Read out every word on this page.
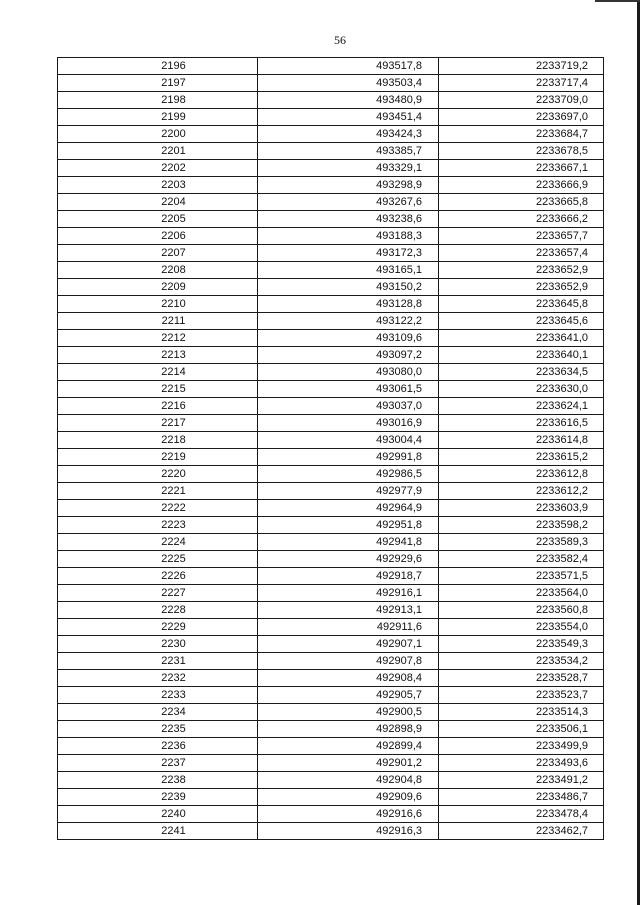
56
2196	493517,8	2233719,2
2197	493503,4	2233717,4
2198	493480,9	2233709,0
2199	493451,4	2233697,0
2200	493424,3	2233684,7
2201	493385,7	2233678,5
2202	493329,1	2233667,1
2203	493298,9	2233666,9
2204	493267,6	2233665,8
2205	493238,6	2233666,2
2206	493188,3	2233657,7
2207	493172,3	2233657,4
2208	493165,1	2233652,9
2209	493150,2	2233652,9
2210	493128,8	2233645,8
2211	493122,2	2233645,6
2212	493109,6	2233641,0
2213	493097,2	2233640,1
2214	493080,0	2233634,5
2215	493061,5	2233630,0
2216	493037,0	2233624,1
2217	493016,9	2233616,5
2218	493004,4	2233614,8
2219	492991,8	2233615,2
2220	492986,5	2233612,8
2221	492977,9	2233612,2
2222	492964,9	2233603,9
2223	492951,8	2233598,2
2224	492941,8	2233589,3
2225	492929,6	2233582,4
2226	492918,7	2233571,5
2227	492916,1	2233564,0
2228	492913,1	2233560,8
2229	492911,6	2233554,0
2230	492907,1	2233549,3
2231	492907,8	2233534,2
2232	492908,4	2233528,7
2233	492905,7	2233523,7
2234	492900,5	2233514,3
2235	492898,9	2233506,1
2236	492899,4	2233499,9
2237	492901,2	2233493,6
2238	492904,8	2233491,2
2239	492909,6	2233486,7
2240	492916,6	2233478,4
2241	492916,3	2233462,7
